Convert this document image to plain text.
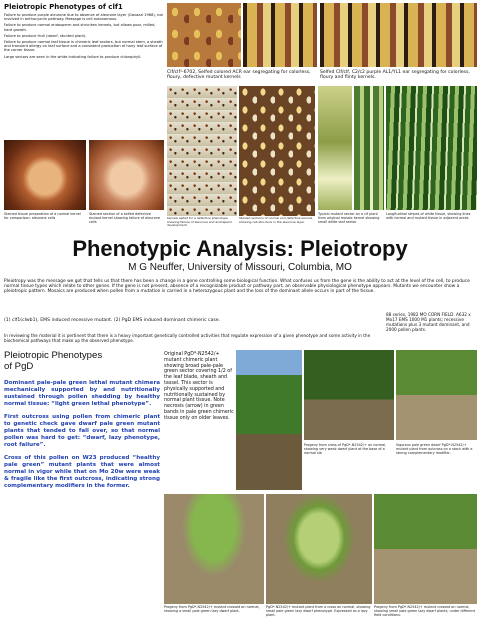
Pleiotropic Phenotypes of clf1

Failure to produce purple aleurone due to absence of aleurone layer (Gavazzi 1968), not involved in anthocyanin pathway. Message is cell autonomous.

Failure to produce normal endosperm and shrunken kernels, but allows poor, milled, hard growth.

Failure to produce fruit (dwarf, stunted plant).

Failure to produce normal leaf tissue in chimeric leaf sectors, but normal stem, a sheath and transient allergy on leaf surface and a consistent production of hairy leaf surface of the corner tissue.

Large sectors are seen in the white indicating failure to produce chlorophyll.

Clf/clf¹-6702, Selfed colored ACR ear segregating for colorless, floury, defective mutant kernels
Selfed Clf/clf, C2/c2 purple AL1/YL1 ear segregating for colorless, floury and flinty kernels.
Stained tissue preparation of a normal kernel for comparison: aleurone cells
Stained section of a selfed defective mutant kernel showing failure of aleurone cells
Kernels selfed for a defective phenotype showing failure of aleurone and endosperm development
Stained sections of normal and defective kernels showing cell structure in the aleurone layer
Typical mutant sector on a clf plant from original mosaic kernel showing small white leaf sector
Longitudinal stripes of white tissue, showing lines with normal and mutant tissue in adjacent areas
Phenotypic Analysis: Pleiotropy
M G Neuffer, University of Missouri, Columbia, MO
Pleiotropy was the message we got that tells us that there has been a change in a gene controlling some biological function. What confuses us from the gene is the ability to act at the level of the cell, to produce normal tissue types which relate to other genes. If the gene is not present, absence of a recognizable product or pathway part, an observable physiological phenotype appears. Mutants we encounter show a pleiotropic pattern. Mosaics are produced when pollen from a mutation is carried in a heterozygous plant and the loss of the dominant allele occurs in part of the tissue.
(1) clf1(clwb1), EMS induced recessive mutant. (2) PgD EMS induced dominant chimeric case.
88 series, 1982 MO CORN FIELD. A632 x Mo17 EMS 1000 M1 plants; recessive mutations plus 3 mutant dominant, and 2000 pollen plants.
In reviewing the material it is pertinent that there is a heavy important genetically controlled activities that regulate expression of a given phenotype and some activity in the biochemical pathways that make up the observed phenotype.
Pleiotropic Phenotypes
of PgD

Dominant pale-pale green lethal mutant chimera mechanically supported by and nutritionally sustained through pollen shedding by healthy normal tissue: “light green lethal phenotype”.

First outcross using pollen from chimeric plant to genetic check gave dwarf pale green mutant plants that tended to fall over, so that normal pollen was hard to get: “dwarf, lazy phenotype, root failure”.

Cross of this pollen on W23 produced “healthy pale green” mutant plants that were almost normal in vigor while that on Mo 20w were weak & fragile like the first outcross, indicating strong complementary modifiers in the former.

Original PgD*-N2542/+ mutant chimeric plant showing broad pale-pale green sector covering 1/2 of the leaf blade, sheath and tassel. This sector is physically supported and nutritionally sustained by normal plant tissue. Note necrosis (arrow) in green bands in pale green chimeric tissue only on older leaves.
Progeny from cross of PgD*-N2542/+ on normal, showing very weak dwarf plant at the base of a normal sib
Vigorous pale green dwarf PgD*-N2542/+ mutant plant from outcross on a stock with a strong complementary modifier.
Progeny from PgD*-N2542/+ mutant crossed on normal, showing a small pale green lazy dwarf plant.
PgD*-N2542/+ mutant plant from a cross on normal, showing small pale green lazy dwarf phenotype. Expressed as a lazy plant.
Progeny from PgD*-N2542/+ mutant crossed on normal, showing small pale green lazy dwarf plants, under different field conditions.
